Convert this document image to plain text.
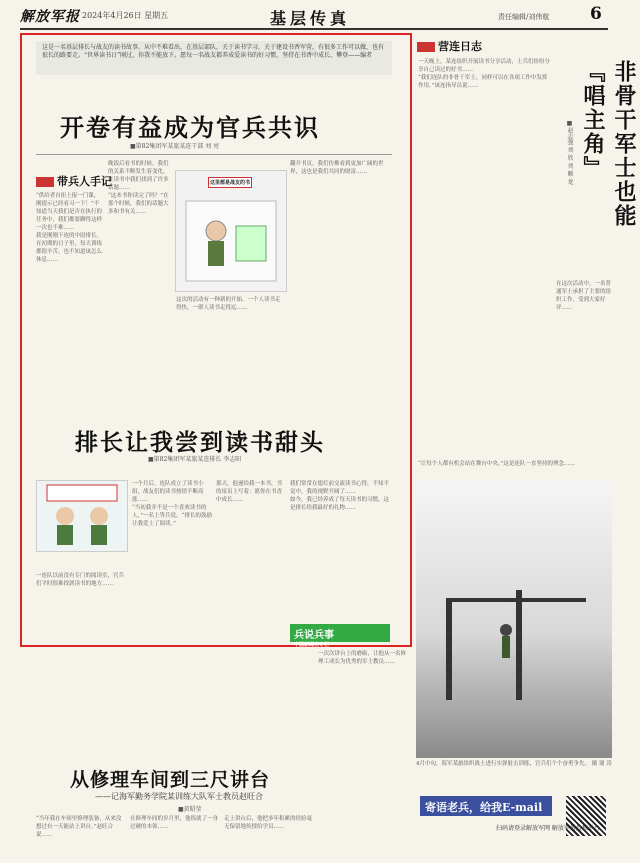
解放军报 2024年4月26日 星期五	基层传真	责任编辑/刘伟航 6
这是一名基层排长与战友的读书故事。从中不难看出，在基层部队，关于读书学习，关于建设书香军营，有很多工作可以做，也有很长的路要走。“世界读书日”刚过，你我不能放下。愿每一名战友都养成爱读书的好习惯，坚持在书香中成长、攀登——编者
开卷有益成为官兵共识
■第82集团军某旅某连干部 刘 亮
带兵人手记

“供给者自拒上报一门课，刚提示已经看习一下！”不知道当天我们是否在执行的任务中，我们都要聊得这样一次也不难……

我是刚刚下连的中尉排长。在初期的日子里，每天训练都很辛苦，也不知道该怎么休息……

晚饭后看书的时候，我们的关系不断发生着变化。在读书中我们找到了许多话题……

“这本书你读完了吗？”在那个时候，我们的话题大多和书有关……

这里都是战友的书

这次的活动有一种新的开始。一个人读书走得快，一群人读书走得远……

翻开书页，我们仿佛看到更加广阔的世界，这也是我们共同的财富……

排长让我尝到读书甜头
■第82集团军某旅某连排长 李志阳

一连队以前没有专门的阅读室，官兵们平时很难找到读书的地方……

一个月后，连队成立了读书小组，战友们的读书热情不断高涨……

“当初我并不是一个喜欢读书的人，”一名上等兵说，“排长的鼓励让我爱上了阅读。”

那天，他递给我一本书，书的扉页上写着：愿你在书香中成长……

我们常常在熄灯前交流读书心得，不知不觉中，我的视野开阔了……

如今，我已经养成了每天读书的习惯，这是排长给我最好的礼物……

兵说兵事
中国新闻名专栏
从修理车间到三尺讲台
——记海军勤务学院某训练大队军士教员赵旺合
■黄昭莹

“当年我在车间里修理装备，从来没想过有一天能站上讲台。”赵旺合说……

在修理车间的岁月里，他练就了一身过硬的本领……

走上讲台后，他把多年积累的经验毫无保留地传授给学员……

一次次讲台上的磨砺，让他从一名修理工成长为优秀的军士教员……

营连日志

一天晚上，某连组织开展读书分享活动，士兵们纷纷分享自己读过的好书……

“我们连队的非骨干军士，同样可以在各项工作中发挥作用。”该连指导员说……	非骨干军士也能『唱主角』
■赵志强 刘 欣 刘 顺 龙

在这次活动中，一名普通军士承担了主要的组织工作，受到大家好评……

“让每个人都有机会站在舞台中央。”这是连队一直坚持的理念……

4月中旬，海军某旅组织战士进行实弹射击训练，官兵们个个奋勇争先。 摄 谢 涛
寄语老兵，给我E-mail
扫码请登录解放军网 解放军报投稿平台
